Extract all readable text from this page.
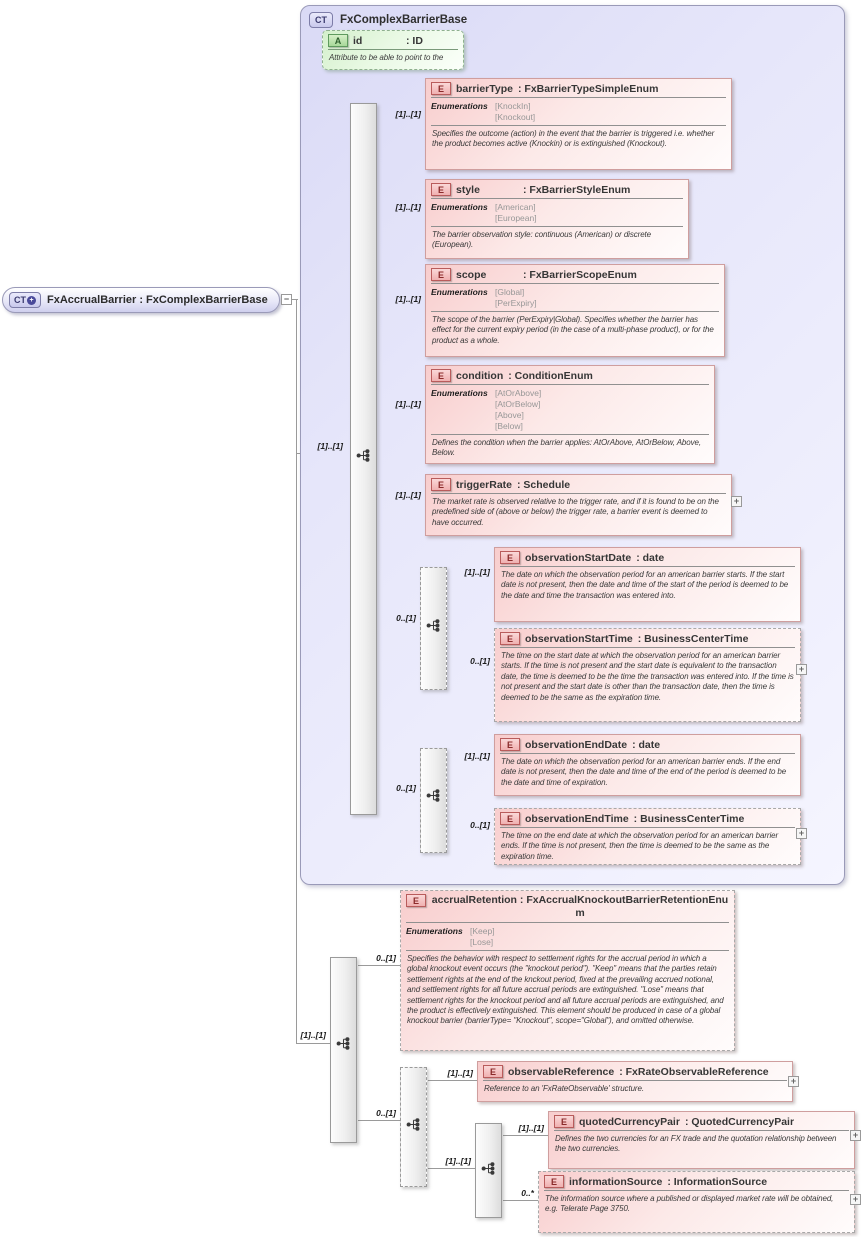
CT	FxComplexBarrierBase
CT + FxAccrualBarrier : FxComplexBarrierBase	−
A	id	: ID
Attribute to be able to point to the
[1]..[1]
[1]..[1]
[1]..[1]
[1]..[1]
[1]..[1]
[1]..[1]
0..[1]
0..[1]
[1]..[1]
0..[1]
[1]..[1]
0..[1]
[1]..[1]
0..[1]
0..[1]
[1]..[1]
[1]..[1]
[1]..[1]
0..*
E	barrierType : FxBarrierTypeSimpleEnum
Enumerations [KnockIn]
[Knockout]
Specifies the outcome (action) in the event that the barrier is triggered i.e. whether the product becomes active (Knockin) or is extinguished (Knockout).
E	style	: FxBarrierStyleEnum
Enumerations [American]
[European]
The barrier observation style: continuous (American) or discrete (European).
E	scope	: FxBarrierScopeEnum
Enumerations [Global]
[PerExpiry]
The scope of the barrier (PerExpiry|Global). Specifies whether the barrier has effect for the current expiry period (in the case of a multi-phase product), or for the product as a whole.
E	condition : ConditionEnum
Enumerations [AtOrAbove]
[AtOrBelow]
[Above]
[Below]
Defines the condition when the barrier applies: AtOrAbove, AtOrBelow, Above, Below.
E	triggerRate : Schedule
The market rate is observed relative to the trigger rate, and if it is found to be on the predefined side of (above or below) the trigger rate, a barrier event is deemed to have occurred.
+
E	observationStartDate : date
The date on which the observation period for an american barrier starts. If the start date is not present, then the date and time of the start of the period is deemed to be the date and time the transaction was entered into.
E	observationStartTime : BusinessCenterTime
The time on the start date at which the observation period for an american barrier starts. If the time is not present and the start date is equivalent to the transaction date, the time is deemed to be the time the transaction was entered into. If the time is not present and the start date is other than the transaction date, then the time is deemed to be the same as the expiration time.
+
E	observationEndDate : date
The date on which the observation period for an american barrier ends. If the end date is not present, then the date and time of the end of the period is deemed to be the date and time of expiration.
E	observationEndTime : BusinessCenterTime
The time on the end date at which the observation period for an american barrier ends. If the time is not present, then the time is deemed to be the same as the expiration time.
+
E	accrualRetention : FxAccrualKnockoutBarrierRetentionEnum
Enumerations [Keep]
[Lose]
Specifies the behavior with respect to settlement rights for the accrual period in which a global knockout event occurs (the "knockout period"). "Keep" means that the parties retain settlement rights at the end of the knckout period, fixed at the prevailing accrued notional, and settlement rights for all future accrual periods are extinguished. "Lose" means that settlement rights for the knockout period and all future accrual periods are extinguished, and the product is effectively extinguished. This element should be produced in case of a global knockout barrier (barrierType= "Knockout", scope="Global"), and omitted otherwise.
E	observableReference : FxRateObservableReference
Reference to an 'FxRateObservable' structure.
+
E	quotedCurrencyPair : QuotedCurrencyPair
Defines the two currencies for an FX trade and the quotation relationship between the two currencies.
+
E	informationSource : InformationSource
The information source where a published or displayed market rate will be obtained, e.g. Telerate Page 3750.
+
